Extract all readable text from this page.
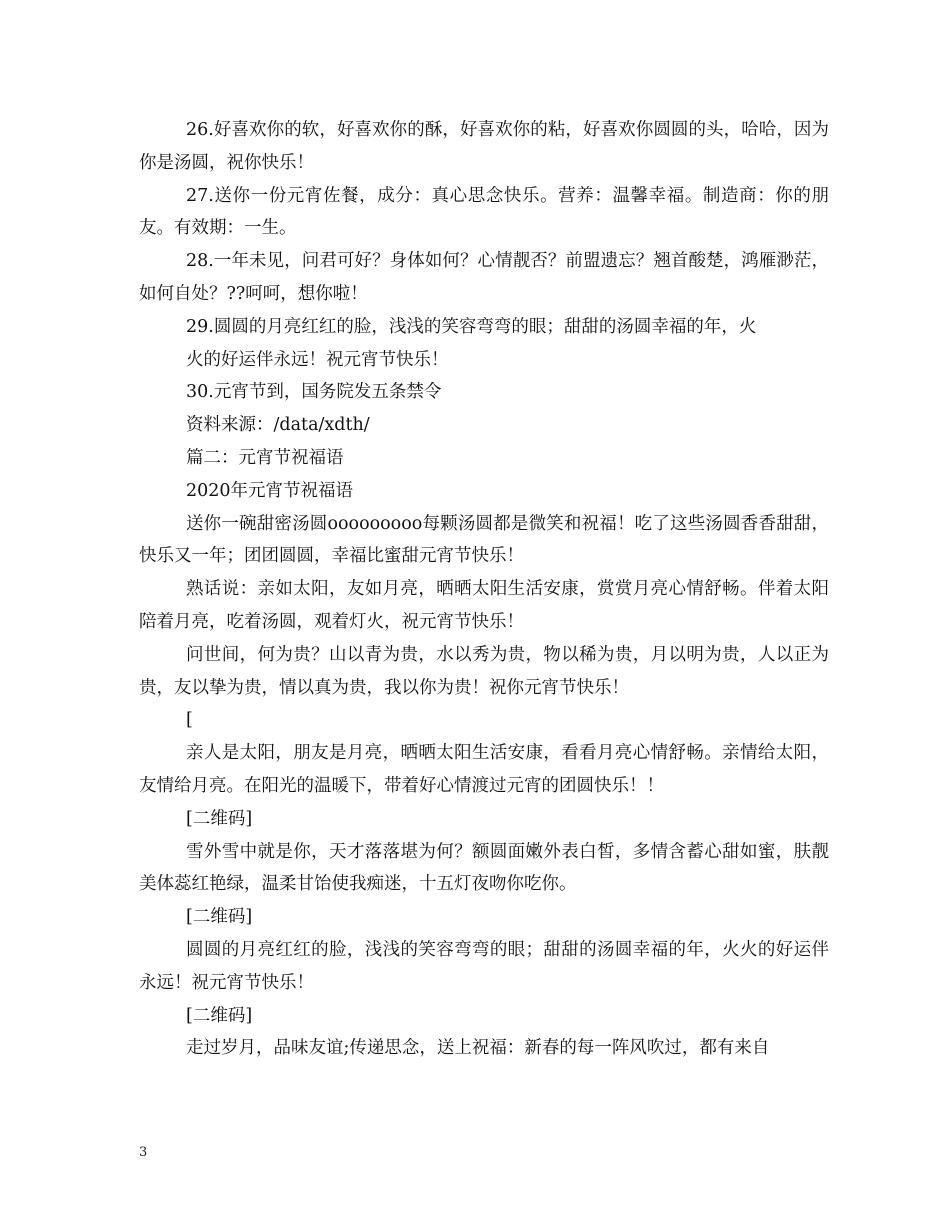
26.好喜欢你的软，好喜欢你的酥，好喜欢你的粘，好喜欢你圆圆的头，哈哈，因为你是汤圆，祝你快乐！

27.送你一份元宵佐餐，成分：真心思念快乐。营养：温馨幸福。制造商：你的朋友。有效期：一生。

28.一年未见，问君可好？身体如何？心情靓否？前盟遗忘？翘首酸楚，鸿雁渺茫，如何自处？??呵呵，想你啦！

29.圆圆的月亮红红的脸，浅浅的笑容弯弯的眼；甜甜的汤圆幸福的年，火

火的好运伴永远！祝元宵节快乐！

30.元宵节到，国务院发五条禁令

资料来源：/data/xdth/

篇二：元宵节祝福语

2020年元宵节祝福语

送你一碗甜密汤圆ooooooooo每颗汤圆都是微笑和祝福！吃了这些汤圆香香甜甜，快乐又一年；团团圆圆，幸福比蜜甜元宵节快乐！

熟话说：亲如太阳，友如月亮，晒晒太阳生活安康，赏赏月亮心情舒畅。伴着太阳陪着月亮，吃着汤圆，观着灯火，祝元宵节快乐！

问世间，何为贵？山以青为贵，水以秀为贵，物以稀为贵，月以明为贵，人以正为贵，友以挚为贵，情以真为贵，我以你为贵！祝你元宵节快乐！

[

亲人是太阳，朋友是月亮，晒晒太阳生活安康，看看月亮心情舒畅。亲情给太阳，友情给月亮。在阳光的温暖下，带着好心情渡过元宵的团圆快乐！！

[二维码]

雪外雪中就是你，天才落落堪为何？额圆面嫩外表白皙，多情含蓄心甜如蜜，肤靓美体蕊红艳绿，温柔甘饴使我痴迷，十五灯夜吻你吃你。

[二维码]

圆圆的月亮红红的脸，浅浅的笑容弯弯的眼；甜甜的汤圆幸福的年，火火的好运伴永远！祝元宵节快乐！

[二维码]

走过岁月，品味友谊;传递思念，送上祝福：新春的每一阵风吹过，都有来自

3
